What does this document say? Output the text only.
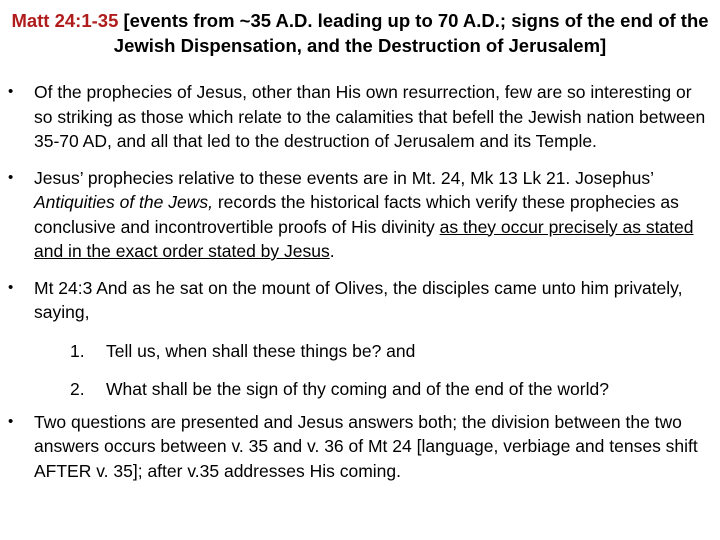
Matt 24:1-35 [events from ~35 A.D. leading up to 70 A.D.; signs of the end of the Jewish Dispensation, and the Destruction of Jerusalem]
•	Of the prophecies of Jesus, other than His own resurrection, few are so interesting or so striking as those which relate to the calamities that befell the Jewish nation between 35-70 AD, and all that led to the destruction of Jerusalem and its Temple.
•	Jesus’ prophecies relative to these events are in Mt. 24, Mk 13 Lk 21. Josephus’ Antiquities of the Jews, records the historical facts which verify these prophecies as conclusive and incontrovertible proofs of His divinity as they occur precisely as stated and in the exact order stated by Jesus.
•	Mt 24:3 And as he sat on the mount of Olives, the disciples came unto him privately, saying,
1. Tell us, when shall these things be? and
2. What shall be the sign of thy coming and of the end of the world?
•	Two questions are presented and Jesus answers both; the division between the two answers occurs between v. 35 and v. 36 of Mt 24 [language, verbiage and tenses shift AFTER v. 35]; after v.35 addresses His coming.
